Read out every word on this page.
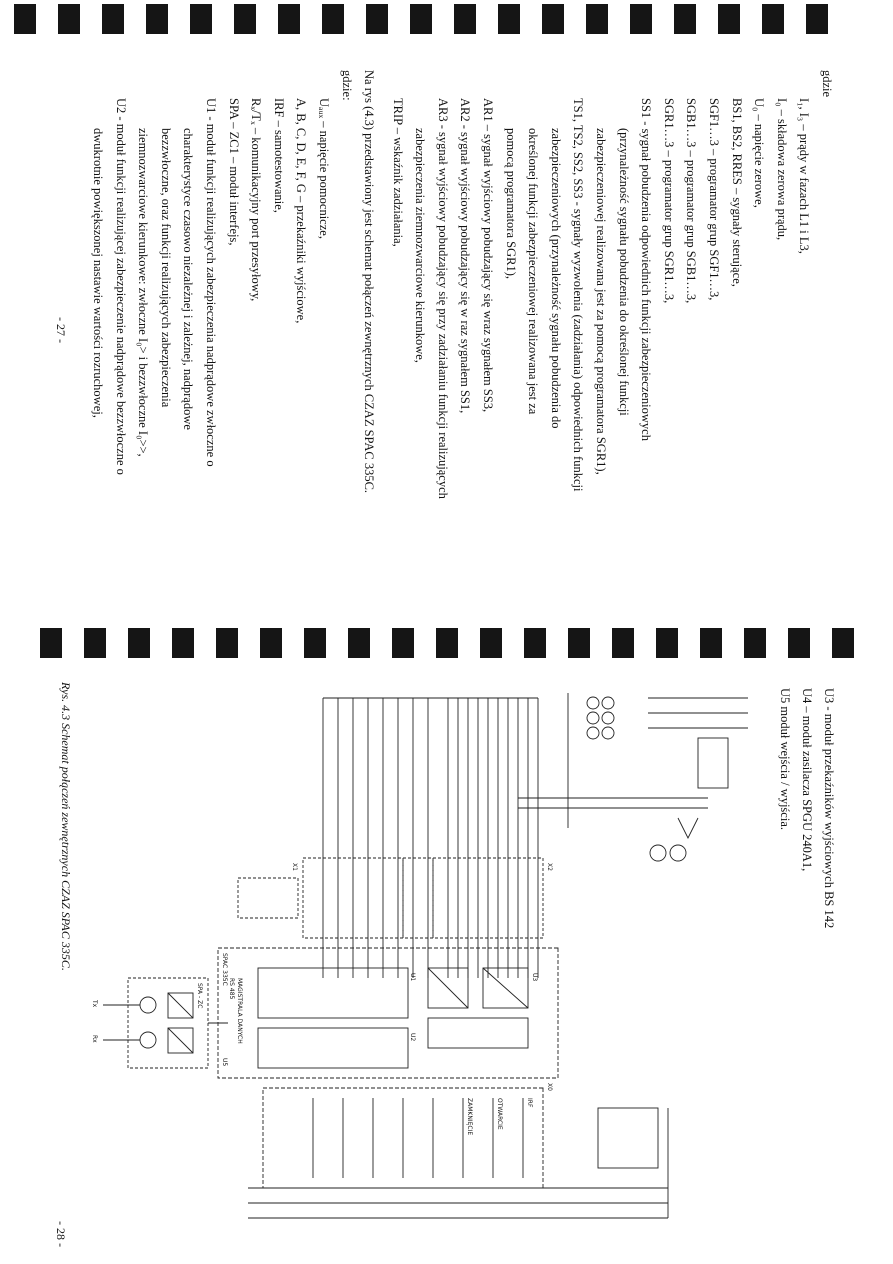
gdzie
I₁, I₃ – prądy w fazach L1 i L3,
I₀ – składowa zerowa prądu,
U₀ – napięcie zerowe,
BS1, BS2, RRES – sygnały sterujące,
SGF1…3 – programator grup SGF1…3,
SGB1…3 – programator grup SGB1…3,
SGR1…3 – programator grup SGR1…3,
SS1 - sygnał pobudzenia odpowiednich funkcji zabezpieczeniowych
(przynależność sygnału pobudzenia do określonej funkcji
zabezpieczeniowej realizowana jest za pomocą programatora SGR1),
TS1, TS2, SS2, SS3 - sygnały wyzwolenia (zadziałania) odpowiednich funkcji
zabezpieczeniowych (przynależność sygnału pobudzenia do
określonej funkcji zabezpieczeniowej realizowana jest za
pomocą programatora SGR1),
AR1 – sygnał wyjściowy pobudzający się wraz sygnałem SS3,
AR2 - sygnał wyjściowy pobudzający się w raz sygnałem SS1,
AR3 - sygnał wyjściowy pobudzający się przy zadziałaniu funkcji realizujących
zabezpieczenia ziemnozwarciowe kierunkowe,
TRIP – wskaźnik zadziałania,
Na rys (4.3) przedstawiony jest schemat połączeń zewnętrznych CZAZ SPAC 335C.
gdzie:
Uₐᵤₓ – napięcie pomocnicze,
A, B, C, D, E, F, G – przekaźniki wyjściowe,
IRF – samotestowanie,
Rₓ/Tₓ – komunikacyjny port przesyłowy,
SPA – ZC1 – moduł interfejs,
U1 - moduł funkcji realizujących zabezpieczenia nadprądowe zwłoczne o
charakterystyce czasowo niezależnej i zależnej, nadprądowe
bezzwłoczne, oraz funkcji realizujących zabezpieczenia
ziemnozwarciowe kierunkowe: zwłoczne I₀> i bezzwłoczne I₀>>,
U2 - moduł funkcji realizującej zabezpieczenie nadprądowe bezzwłoczne o
dwukrotnie powiększonej nastawie wartości rozruchowej,
- 27 -
U3 - moduł przekaźników wyjściowych BS 142
U4 – moduł zasilacza SPGU 240A1,
U5 moduł wejścia / wyjścia.
X2
X1
X0
U3
U1
U2
U5
SPAC 335C
SPA - ZC
Tx
Rx
IRF
OTWARCIE
ZAMKNIĘCIE
MAGISTRALA DANYCH
RS 485
Rys. 4.3 Schemat połączeń zewnętrznych CZAZ SPAC 335C.
- 28 -
